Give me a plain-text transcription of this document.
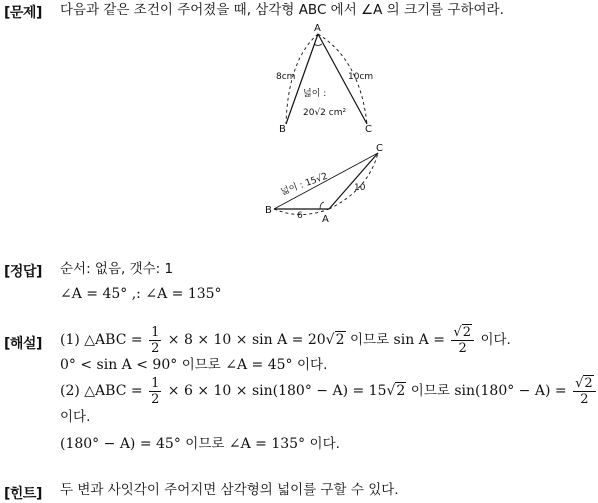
[문제] 다음과 같은 조건이 주어졌을 때, 삼각형 ABC 에서 ∠A 의 크기를 구하여라.
A
B	C
8cm	10cm
넓이 :
20√2 cm²
A
B
C
6
10
넓이 : 15√2
[정답] 순서: 없음, 갯수: 1
∠A = 45° ,: ∠A = 135°
[해설] (1) △ABC = $\frac{1}{2} \times 8 \times 10 \times \sin A = 20√2$ 이므로 $\sin A = \frac{√2}{2}$ 이다.
0° < sin A < 90° 이므로 ∠A = 45° 이다.
(2) △ABC = $\frac{1}{2} \times 6 \times 10 \times \sin(180^\circ - A) = 15√2$ 이므로 $\sin(180^\circ - A) = \frac{√2}{2}$
이다.
(180° − A) = 45° 이므로 ∠A = 135° 이다.
[힌트] 두 변과 사잇각이 주어지면 삼각형의 넓이를 구할 수 있다.
